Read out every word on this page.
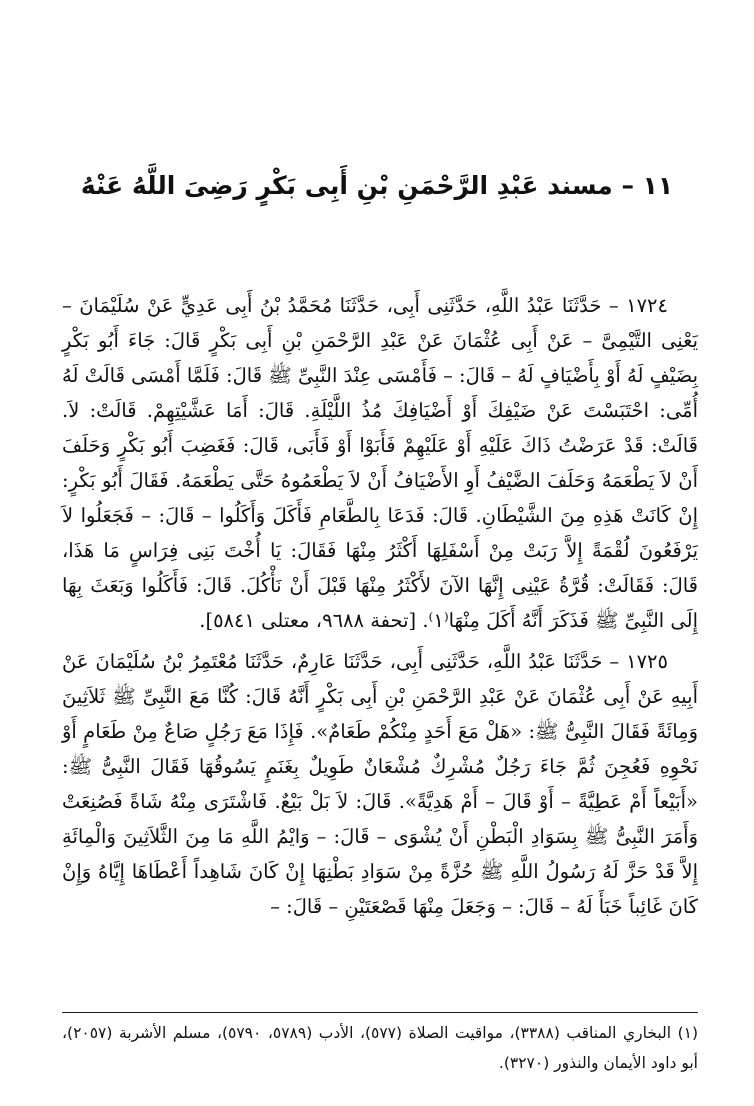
١١ – مسند عَبْدِ الرَّحْمَنِ بْنِ أَبِى بَكْرٍ رَضِىَ اللَّهُ عَنْهُ

١٧٢٤ – حَدَّثَنَا عَبْدُ اللَّهِ، حَدَّثَنِى أَبِى، حَدَّثَنَا مُحَمَّدُ بْنُ أَبِى عَدِيٍّ عَنْ سُلَيْمَانَ – يَعْنِى التَّيْمِىَّ – عَنْ أَبِى عُثْمَانَ عَنْ عَبْدِ الرَّحْمَنِ بْنِ أَبِى بَكْرٍ قَالَ: جَاءَ أَبُو بَكْرٍ بِضَيْفٍ لَهُ أَوْ بِأَضْيَافٍ لَهُ – قَالَ: – فَأَمْسَى عِنْدَ النَّبِىِّ ﷺ قَالَ: فَلَمَّا أَمْسَى قَالَتْ لَهُ أُمِّى: احْتَبَسْتَ عَنْ ضَيْفِكَ أَوْ أَضْيَافِكَ مُذُ اللَّيْلَةِ. قَالَ: أَمَا عَشَّيْتِهِمْ. قَالَتْ: لاَ. قَالَتْ: قَدْ عَرَضْتُ ذَاكَ عَلَيْهِ أَوْ عَلَيْهِمْ فَأَبَوْا أَوْ فَأَبَى، قَالَ: فَغَضِبَ أَبُو بَكْرٍ وَحَلَفَ أَنْ لاَ يَطْعَمَهُ وَحَلَفَ الضَّيْفُ أَوِ الأَضْيَافُ أَنْ لاَ يَطْعَمُوهُ حَتَّى يَطْعَمَهُ. فَقَالَ أَبُو بَكْرٍ: إِنْ كَانَتْ هَذِهِ مِنَ الشَّيْطَانِ. قَالَ: فَدَعَا بِالطَّعَامِ فَأَكَلَ وَأَكَلُوا – قَالَ: – فَجَعَلُوا لاَ يَرْفَعُونَ لُقْمَةً إِلاَّ رَبَتْ مِنْ أَسْفَلِهَا أَكْثَرُ مِنْهَا فَقَالَ: يَا أُخْتَ بَنِى فِرَاسٍ مَا هَذَا، قَالَ: فَقَالَتْ: قُرَّةُ عَيْنِى إِنَّهَا الآنَ لأَكْثَرُ مِنْهَا قَبْلَ أَنْ نَأْكُلَ. قَالَ: فَأَكَلُوا وَبَعَثَ بِهَا إِلَى النَّبِىِّ ﷺ فَذَكَرَ أَنَّهُ أَكَلَ مِنْهَا⁽١⁾. [تحفة ٩٦٨٨، معتلى ٥٨٤١].

١٧٢٥ – حَدَّثَنَا عَبْدُ اللَّهِ، حَدَّثَنِى أَبِى، حَدَّثَنَا عَارِمٌ، حَدَّثَنَا مُعْتَمِرُ بْنُ سُلَيْمَانَ عَنْ أَبِيهِ عَنْ أَبِى عُثْمَانَ عَنْ عَبْدِ الرَّحْمَنِ بْنِ أَبِى بَكْرٍ أَنَّهُ قَالَ: كُنَّا مَعَ النَّبِىِّ ﷺ ثَلاَثِينَ وَمِائَةً فَقَالَ النَّبِىُّ ﷺ: «هَلْ مَعَ أَحَدٍ مِنْكُمْ طَعَامٌ». فَإِذَا مَعَ رَجُلٍ صَاعٌ مِنْ طَعَامٍ أَوْ نَحْوِهِ فَعُجِنَ ثُمَّ جَاءَ رَجُلٌ مُشْرِكٌ مُشْعَانٌ طَوِيلٌ بِغَنَمٍ يَسُوقُهَا فَقَالَ النَّبِىُّ ﷺ: «أَبَيْعاً أَمْ عَطِيَّةً – أَوْ قَالَ – أَمْ هَدِيَّةً». قَالَ: لاَ بَلْ بَيْعٌ. فَاشْتَرَى مِنْهُ شَاةً فَصُنِعَتْ وَأَمَرَ النَّبِىُّ ﷺ بِسَوَادِ الْبَطْنِ أَنْ يُشْوَى – قَالَ: – وَايْمُ اللَّهِ مَا مِنَ الثَّلاَثِينَ وَالْمِائَةِ إِلاَّ قَدْ حَزَّ لَهُ رَسُولُ اللَّهِ ﷺ حُزَّةً مِنْ سَوَادِ بَطْنِهَا إِنْ كَانَ شَاهِداً أَعْطَاهَا إِيَّاهُ وَإِنْ كَانَ غَائِباً خَبَأَ لَهُ – قَالَ: – وَجَعَلَ مِنْهَا قَصْعَتَيْنِ – قَالَ: –

(١) البخاري المناقب (٣٣٨٨)، مواقيت الصلاة (٥٧٧)، الأدب (٥٧٨٩، ٥٧٩٠)، مسلم الأشربة (٢٠٥٧)، أبو داود الأيمان والنذور (٣٢٧٠).
